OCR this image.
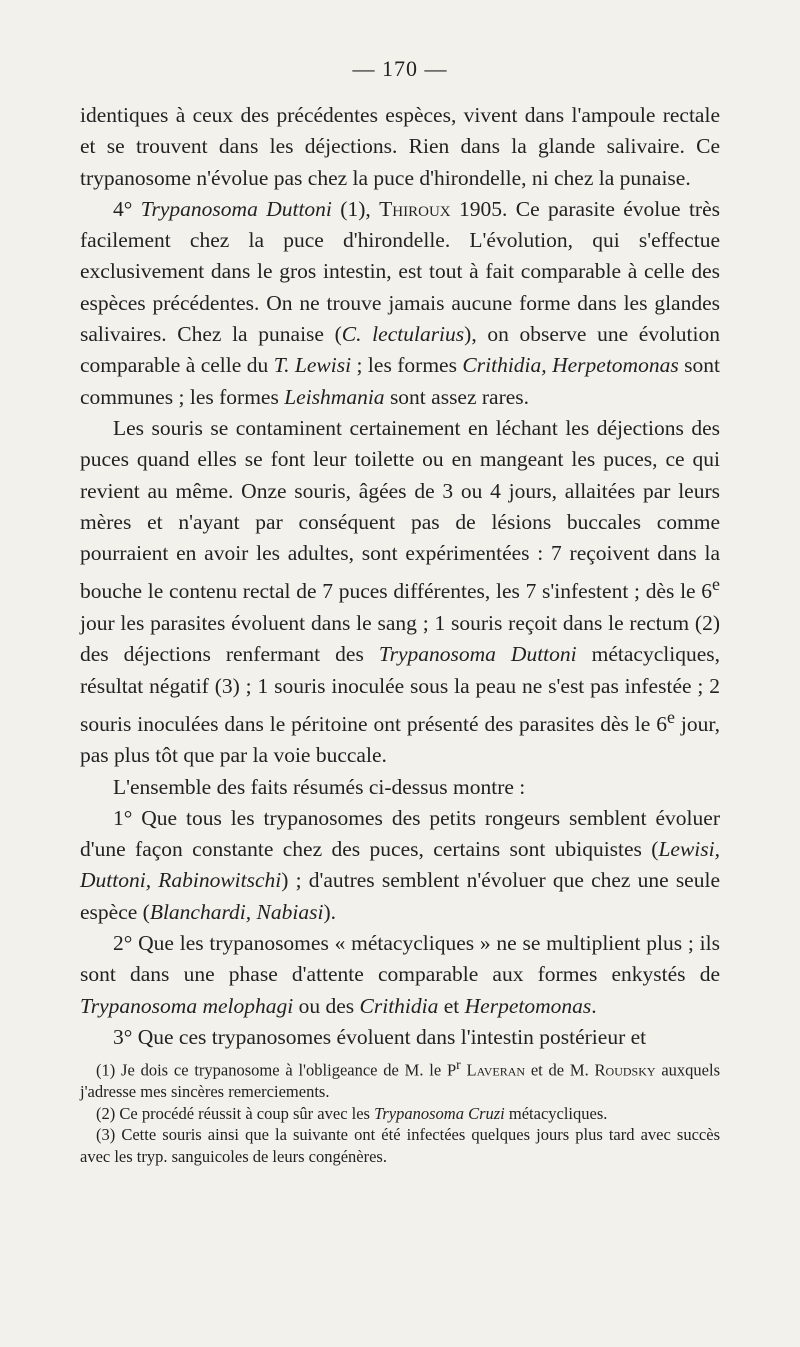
— 170 —

identiques à ceux des précédentes espèces, vivent dans l'ampoule rectale et se trouvent dans les déjections. Rien dans la glande salivaire. Ce trypanosome n'évolue pas chez la puce d'hirondelle, ni chez la punaise.

4° Trypanosoma Duttoni (1), Thiroux 1905. Ce parasite évolue très facilement chez la puce d'hirondelle. L'évolution, qui s'effectue exclusivement dans le gros intestin, est tout à fait comparable à celle des espèces précédentes. On ne trouve jamais aucune forme dans les glandes salivaires. Chez la punaise (C. lectularius), on observe une évolution comparable à celle du T. Lewisi ; les formes Crithidia, Herpetomonas sont communes ; les formes Leishmania sont assez rares.

Les souris se contaminent certainement en léchant les déjections des puces quand elles se font leur toilette ou en mangeant les puces, ce qui revient au même. Onze souris, âgées de 3 ou 4 jours, allaitées par leurs mères et n'ayant par conséquent pas de lésions buccales comme pourraient en avoir les adultes, sont expérimentées : 7 reçoivent dans la bouche le contenu rectal de 7 puces différentes, les 7 s'infestent ; dès le 6e jour les parasites évoluent dans le sang ; 1 souris reçoit dans le rectum (2) des déjections renfermant des Trypanosoma Duttoni métacycliques, résultat négatif (3) ; 1 souris inoculée sous la peau ne s'est pas infestée ; 2 souris inoculées dans le péritoine ont présenté des parasites dès le 6e jour, pas plus tôt que par la voie buccale.

L'ensemble des faits résumés ci-dessus montre :

1° Que tous les trypanosomes des petits rongeurs semblent évoluer d'une façon constante chez des puces, certains sont ubiquistes (Lewisi, Duttoni, Rabinowitschi) ; d'autres semblent n'évoluer que chez une seule espèce (Blanchardi, Nabiasi).

2° Que les trypanosomes « métacycliques » ne se multiplient plus ; ils sont dans une phase d'attente comparable aux formes enkystés de Trypanosoma melophagi ou des Crithidia et Herpetomonas.

3° Que ces trypanosomes évoluent dans l'intestin postérieur et

(1) Je dois ce trypanosome à l'obligeance de M. le $P^r$ Laveran et de M. Roudsky auxquels j'adresse mes sincères remerciements.

(2) Ce procédé réussit à coup sûr avec les Trypanosoma Cruzi métacycliques.

(3) Cette souris ainsi que la suivante ont été infectées quelques jours plus tard avec succès avec les tryp. sanguicoles de leurs congénères.
